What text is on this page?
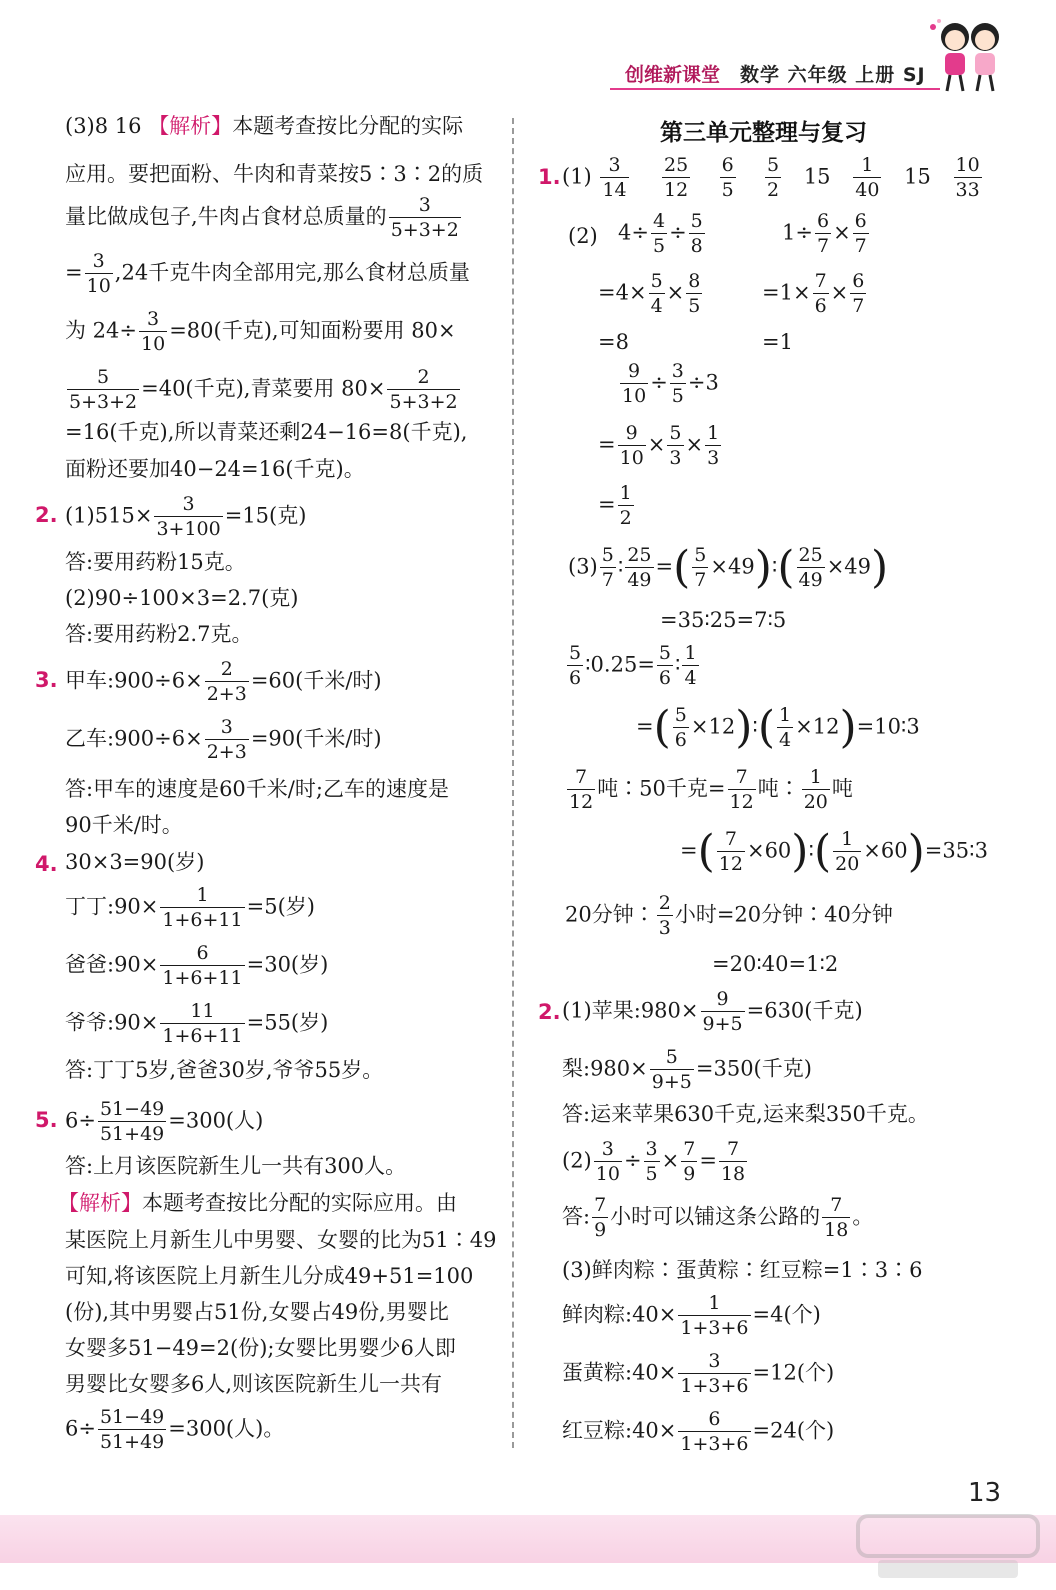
创维新课堂 数学 六年级 上册 SJ
(3)8 16 【解析】本题考查按比分配的实际
应用。要把面粉、牛肉和青菜按5∶3∶2的质
量比做成包子,牛肉占食材总质量的 $\frac{3}{5+3+2}$
= $\frac{3}{10} ,24$千克牛肉全部用完,那么食材总质量
为 $24\div \frac{3}{10} =80$(千克),可知面粉要用 80×
$\frac{5}{5+3+2} =40$(千克),青菜要用 $80\times \frac{2}{5+3+2}$
=16(千克),所以青菜还剩24−16=8(千克),
面粉还要加40−24=16(千克)。
2. $(1)515\times \frac{3}{3+100} =15$(克)
答:要用药粉15克。
(2)90÷100×3=2.7(克)
答:要用药粉2.7克。
3. 甲车:900÷6× $\frac{2}{2+3} =60$(千米/时)
乙车:900÷6× $\frac{3}{2+3} =90$(千米/时)
答:甲车的速度是60千米/时;乙车的速度是
90千米/时。
4. 30×3=90(岁)
丁丁:90× $\frac{1}{1+6+11} =5$(岁)
爸爸:90× $\frac{6}{1+6+11} =30$(岁)
爷爷:90× $\frac{11}{1+6+11} =55$(岁)
答:丁丁5岁,爸爸30岁,爷爷55岁。
5. $6\div \frac{51-49}{51+49} =300$(人)
答:上月该医院新生儿一共有300人。
【解析】本题考查按比分配的实际应用。由
某医院上月新生儿中男婴、女婴的比为51∶49
可知,将该医院上月新生儿分成49+51=100
(份),其中男婴占51份,女婴占49份,男婴比
女婴多51−49=2(份);女婴比男婴少6人即
男婴比女婴多6人,则该医院新生儿一共有
$6\div \frac{51-49}{51+49} =300$(人)。
第三单元整理与复习
1. $(1) \frac{3}{14}$
$\frac{25}{12}$
$\frac{6}{5}$
$\frac{5}{2} 15 \frac{1}{40} 15 \frac{10}{33}$
(2) $4\div \frac{4}{5} \div \frac{5}{8}$	$1\div \frac{6}{7} \times \frac{6}{7}$
$=4\times \frac{5}{4} \times \frac{8}{5}$	$=1\times \frac{7}{6} \times \frac{6}{7}$
=8	=1
$\frac{9}{10} \div \frac{3}{5} \div 3$
= $\frac{9}{10} \times \frac{5}{3} \times \frac{1}{3}$
= $\frac{1}{2}$
$(3) \frac{5}{7}$ ∶ $\frac{25}{49}$ =( $\frac{5}{7}$ ×49)∶( $\frac{25}{49} \times 49$)
=35∶25=7∶5
$\frac{5}{6}$ ∶0.25= $\frac{5}{6}$ ∶ $\frac{1}{4}$
=( $\frac{5}{6}$ ×12)∶( $\frac{1}{4}$ ×12)=10∶3
$\frac{7}{12}$ 吨∶50千克= $\frac{7}{12}$ 吨∶ $\frac{1}{20}$ 吨
=( $\frac{7}{12}$ ×60)∶( $\frac{1}{20}$ ×60)=35∶3
20分钟∶ $\frac{2}{3}$ 小时=20分钟∶40分钟
=20∶40=1∶2
2. (1)苹果:980× $\frac{9}{9+5} =630$(千克)
梨:980× $\frac{5}{9+5} =350$(千克)
答:运来苹果630千克,运来梨350千克。
$(2) \frac{3}{10} \div \frac{3}{5} \times \frac{7}{9} = \frac{7}{18}$
答: $\frac{7}{9}$ 小时可以铺这条公路的 $\frac{7}{18}$ 。
(3)鲜肉粽∶蛋黄粽∶红豆粽=1∶3∶6
鲜肉粽:40× $\frac{1}{1+3+6} =4$(个)
蛋黄粽:40× $\frac{3}{1+3+6} =12$(个)
红豆粽:40× $\frac{6}{1+3+6} =24$(个)
13
